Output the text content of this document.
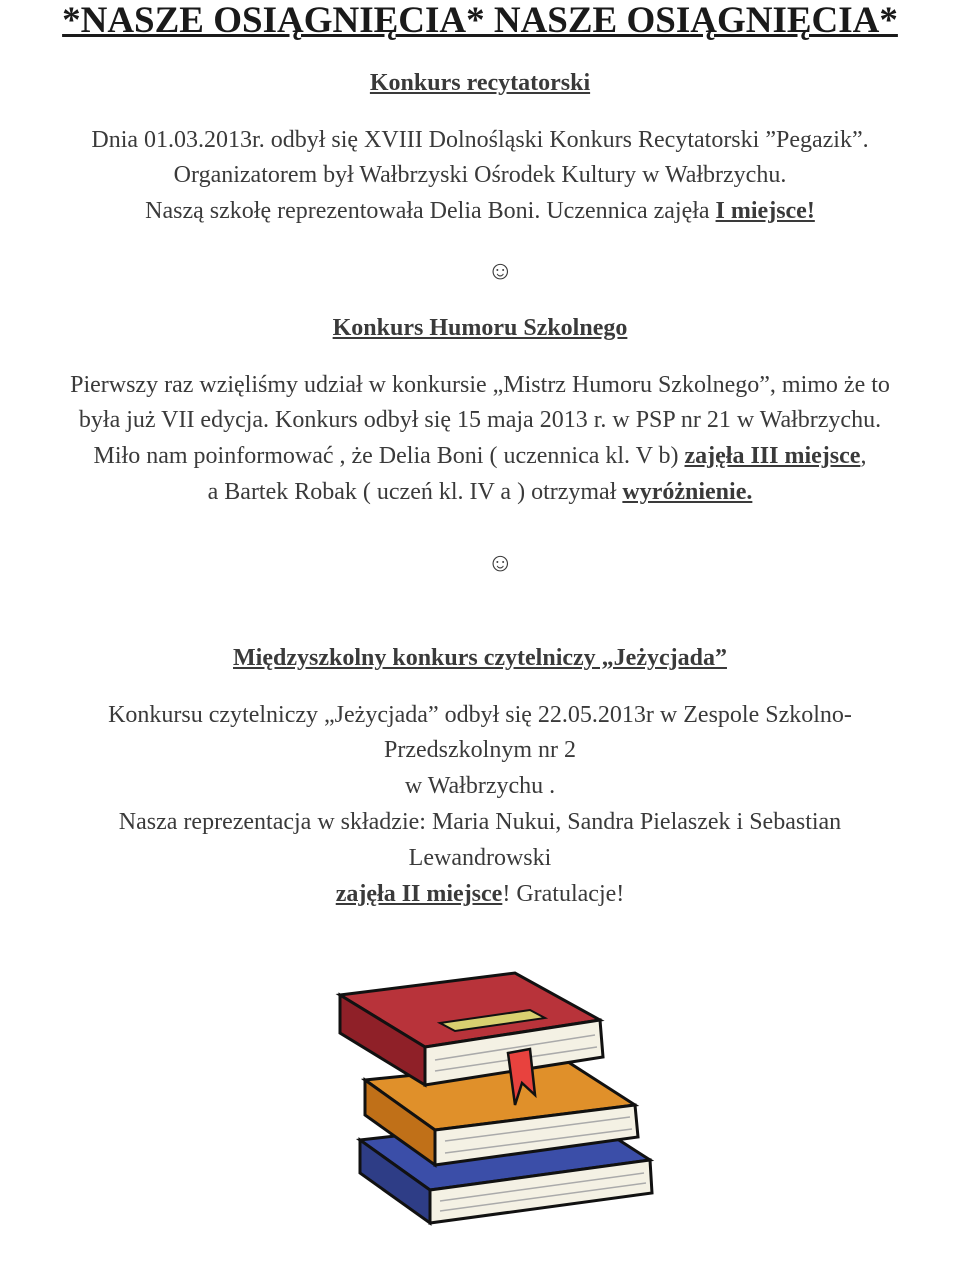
*NASZE OSIĄGNIĘCIA* NASZE OSIĄGNIĘCIA*
Konkurs recytatorski
Dnia 01.03.2013r. odbył się XVIII Dolnośląski Konkurs Recytatorski ”Pegazik”.
Organizatorem był Wałbrzyski Ośrodek Kultury w Wałbrzychu.
Naszą szkołę reprezentowała Delia Boni. Uczennica zajęła I miejsce!
☺
Konkurs Humoru Szkolnego
Pierwszy raz wzięliśmy udział w konkursie „Mistrz Humoru Szkolnego”, mimo że to
była już VII edycja. Konkurs odbył się 15 maja 2013 r. w PSP nr 21 w Wałbrzychu.
Miło nam poinformować , że Delia Boni ( uczennica kl. V b) zajęła III miejsce,
a Bartek Robak ( uczeń kl. IV a ) otrzymał wyróżnienie.
☺
Międzyszkolny konkurs czytelniczy „Jeżycjada”
Konkursu czytelniczy „Jeżycjada” odbył się 22.05.2013r w Zespole Szkolno-
Przedszkolnym nr 2
w Wałbrzychu .
Nasza reprezentacja w składzie: Maria Nukui, Sandra Pielaszek i Sebastian
Lewandrowski
zajęła II miejsce! Gratulacje!
